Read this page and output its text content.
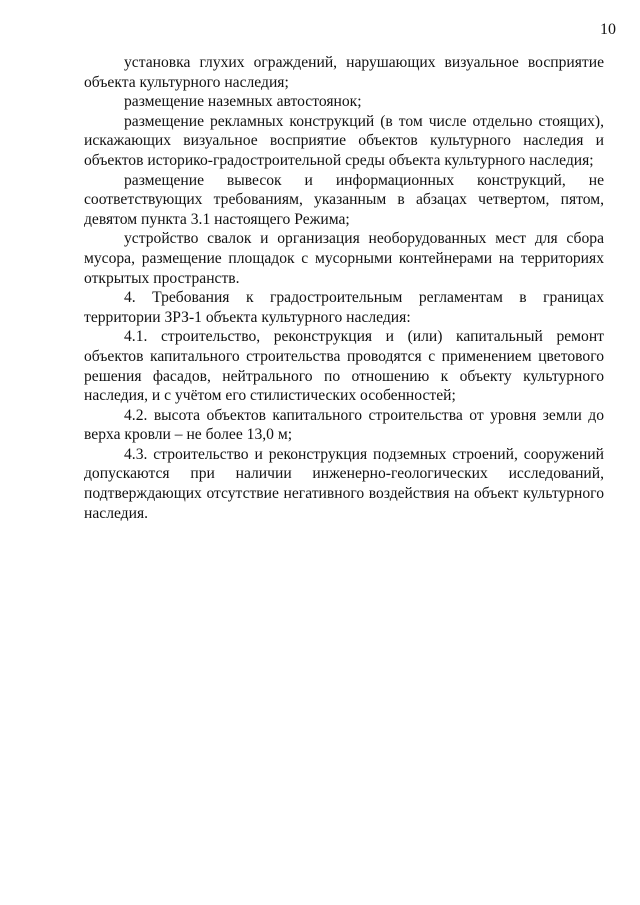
10

установка глухих ограждений, нарушающих визуальное восприятие объекта культурного наследия;

размещение наземных автостоянок;

размещение рекламных конструкций (в том числе отдельно стоящих), искажающих визуальное восприятие объектов культурного наследия и объектов историко-градостроительной среды объекта культурного наследия;

размещение вывесок и информационных конструкций, не соответствующих требованиям, указанным в абзацах четвертом, пятом, девятом пункта 3.1 настоящего Режима;

устройство свалок и организация необорудованных мест для сбора мусора, размещение площадок с мусорными контейнерами на территориях открытых пространств.

4. Требования к градостроительным регламентам в границах территории ЗРЗ-1 объекта культурного наследия:

4.1. строительство, реконструкция и (или) капитальный ремонт объектов капитального строительства проводятся с применением цветового решения фасадов, нейтрального по отношению к объекту культурного наследия, и с учётом его стилистических особенностей;

4.2. высота объектов капитального строительства от уровня земли до верха кровли – не более 13,0 м;

4.3. строительство и реконструкция подземных строений, сооружений допускаются при наличии инженерно-геологических исследований, подтверждающих отсутствие негативного воздействия на объект культурного наследия.
